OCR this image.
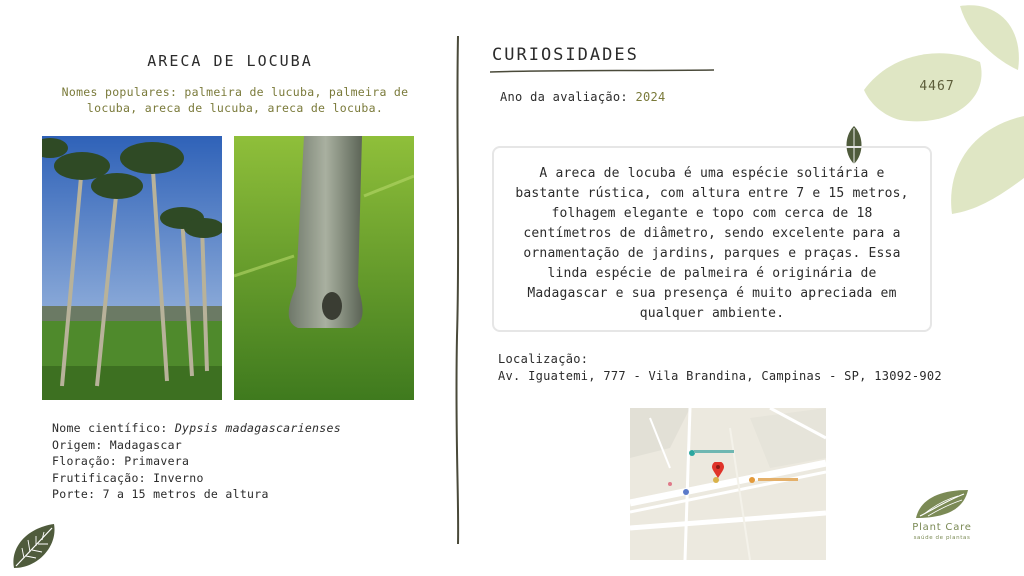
4467
ARECA DE LOCUBA
Nomes populares: palmeira de lucuba, palmeira de locuba, areca de lucuba, areca de locuba.
Nome científico: Dypsis madagascarienses
Origem: Madagascar
Floração: Primavera
Frutificação: Inverno
Porte: 7 a 15 metros de altura
CURIOSIDADES
Ano da avaliação: 2024
A areca de locuba é uma espécie solitária e bastante rústica, com altura entre 7 e 15 metros, folhagem elegante e topo com cerca de 18 centímetros de diâmetro, sendo excelente para a ornamentação de jardins, parques e praças. Essa linda espécie de palmeira é originária de Madagascar e sua presença é muito apreciada em qualquer ambiente.
Localização:
Av. Iguatemi, 777 - Vila Brandina, Campinas - SP, 13092-902
Plant Care
saúde de plantas
